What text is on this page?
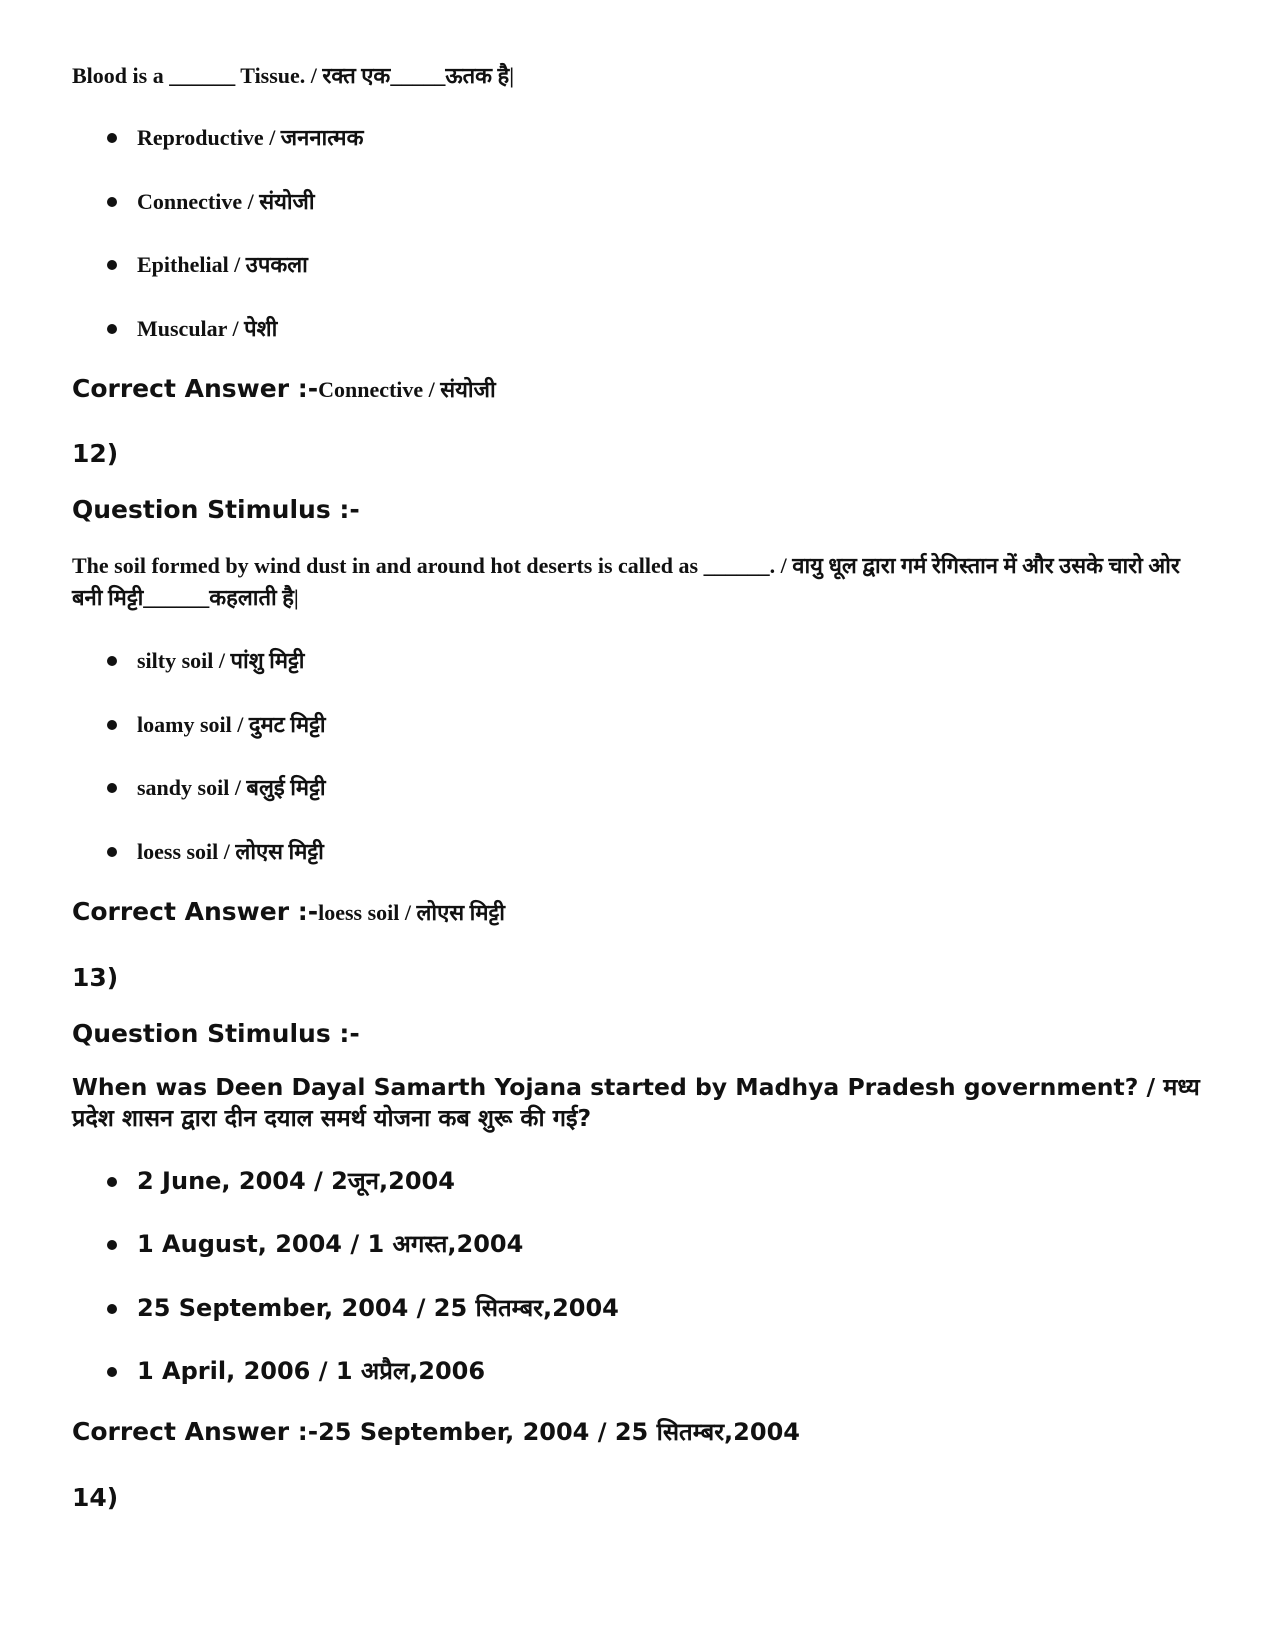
Blood is a ______ Tissue. / रक्त एक_____ऊतक है|
Reproductive / जननात्मक
Connective / संयोजी
Epithelial / उपकला
Muscular / पेशी
Correct Answer :-Connective / संयोजी
12)
Question Stimulus :-
The soil formed by wind dust in and around hot deserts is called as ______. / वायु धूल द्वारा गर्म रेगिस्तान में और उसके चारो ओर बनी मिट्टी______कहलाती है|
silty soil / पांशु मिट्टी
loamy soil / दुमट मिट्टी
sandy soil / बलुई मिट्टी
loess soil / लोएस मिट्टी
Correct Answer :-loess soil / लोएस मिट्टी
13)
Question Stimulus :-
When was Deen Dayal Samarth Yojana started by Madhya Pradesh government? / मध्य प्रदेश शासन द्वारा दीन दयाल समर्थ योजना कब शुरू की गई?
2 June, 2004 / 2जून,2004
1 August, 2004 / 1 अगस्त,2004
25 September, 2004 / 25 सितम्बर,2004
1 April, 2006 / 1 अप्रैल,2006
Correct Answer :-25 September, 2004 / 25 सितम्बर,2004
14)
